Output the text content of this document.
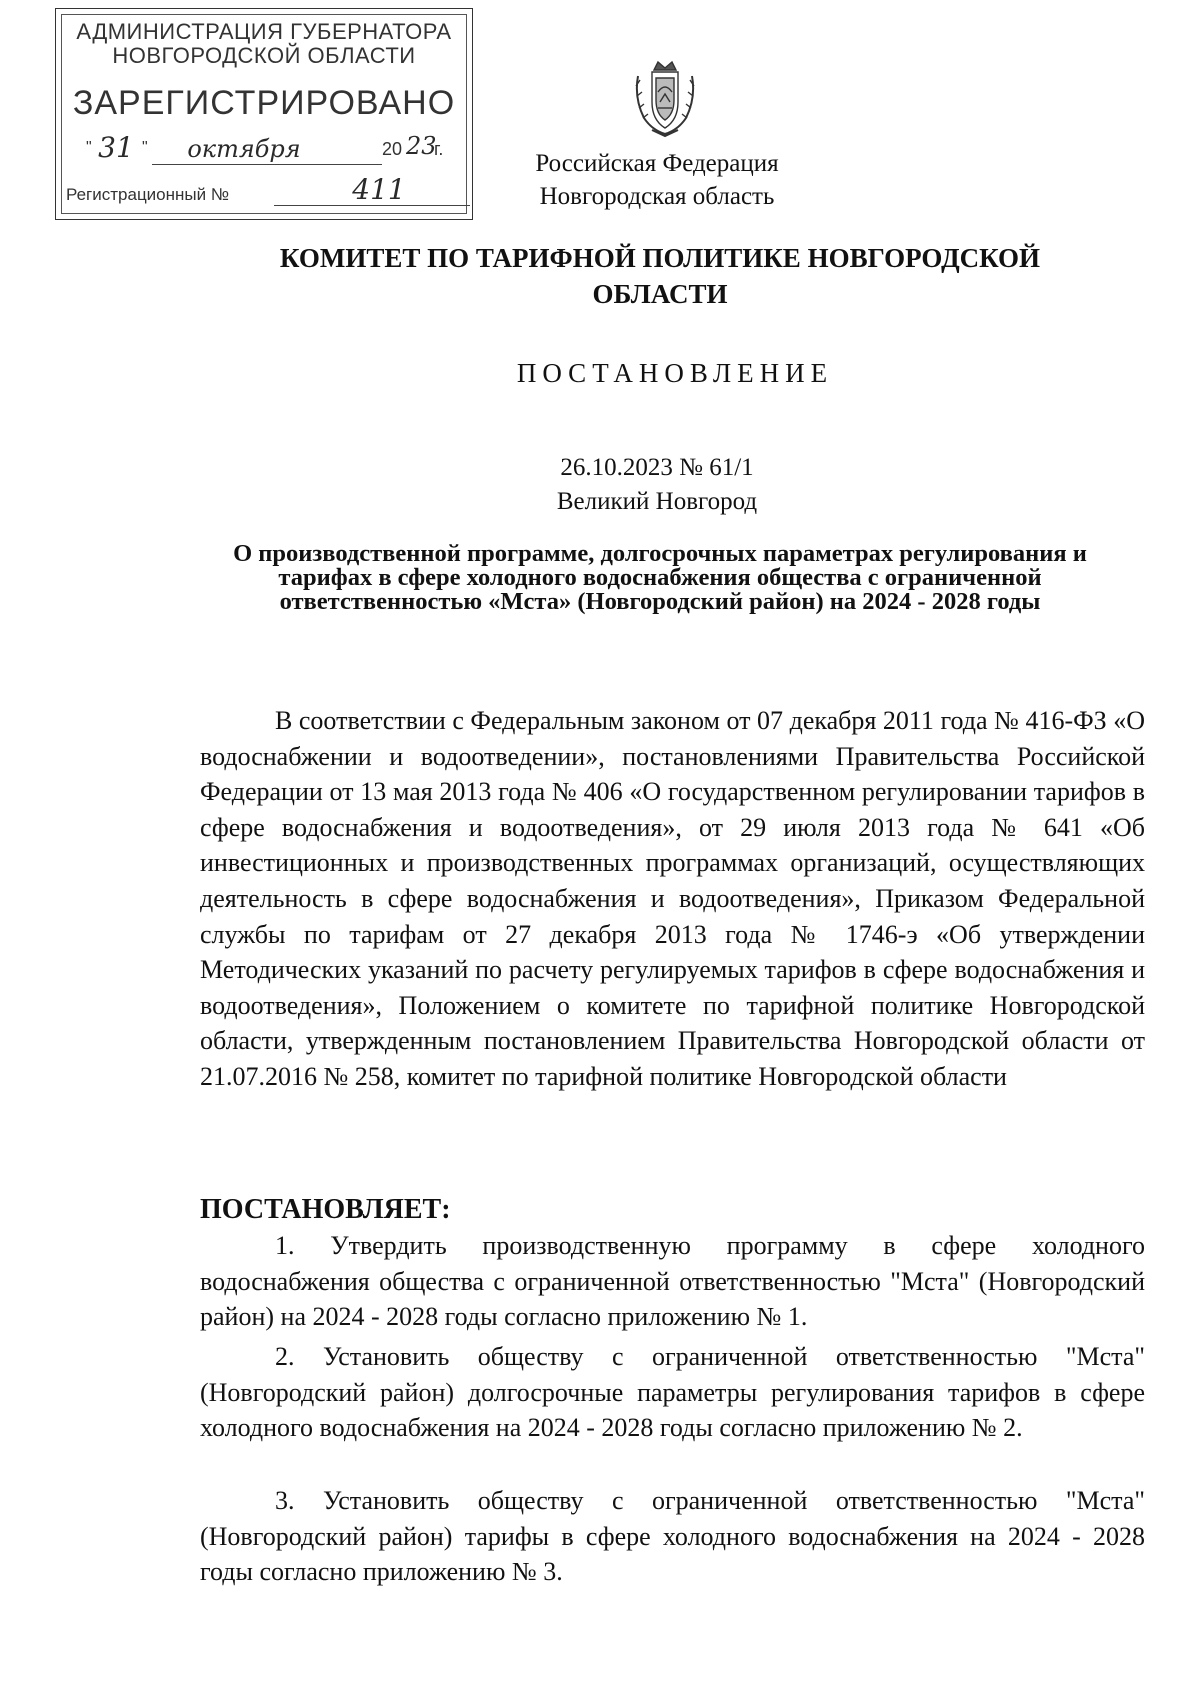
АДМИНИСТРАЦИЯ ГУБЕРНАТОРА
НОВГОРОДСКОЙ ОБЛАСТИ
ЗАРЕГИСТРИРОВАНО
" 31 "	октября	20 23
г.
Регистрационный №	411
Российская Федерация
Новгородская область
КОМИТЕТ ПО ТАРИФНОЙ ПОЛИТИКЕ НОВГОРОДСКОЙ ОБЛАСТИ
ПОСТАНОВЛЕНИЕ
26.10.2023 № 61/1
Великий Новгород
О производственной программе, долгосрочных параметрах регулирования и тарифах в сфере холодного водоснабжения общества с ограниченной ответственностью «Мста» (Новгородский район) на 2024 - 2028 годы
В соответствии с Федеральным законом от 07 декабря 2011 года № 416-ФЗ «О водоснабжении и водоотведении», постановлениями Правительства Российской Федерации от 13 мая 2013 года № 406 «О государственном регулировании тарифов в сфере водоснабжения и водоотведения», от 29 июля 2013 года № 641 «Об инвестиционных и производственных программах организаций, осуществляющих деятельность в сфере водоснабжения и водоотведения», Приказом Федеральной службы по тарифам от 27 декабря 2013 года № 1746-э «Об утверждении Методических указаний по расчету регулируемых тарифов в сфере водоснабжения и водоотведения», Положением о комитете по тарифной политике Новгородской области, утвержденным постановлением Правительства Новгородской области от 21.07.2016 № 258, комитет по тарифной политике Новгородской области
ПОСТАНОВЛЯЕТ:
1. Утвердить производственную программу в сфере холодного водоснабжения общества с ограниченной ответственностью "Мста" (Новгородский район) на 2024 - 2028 годы согласно приложению № 1.
2. Установить обществу с ограниченной ответственностью "Мста" (Новгородский район) долгосрочные параметры регулирования тарифов в сфере холодного водоснабжения на 2024 - 2028 годы согласно приложению № 2.
3. Установить обществу с ограниченной ответственностью "Мста" (Новгородский район) тарифы в сфере холодного водоснабжения на 2024 - 2028 годы согласно приложению № 3.
